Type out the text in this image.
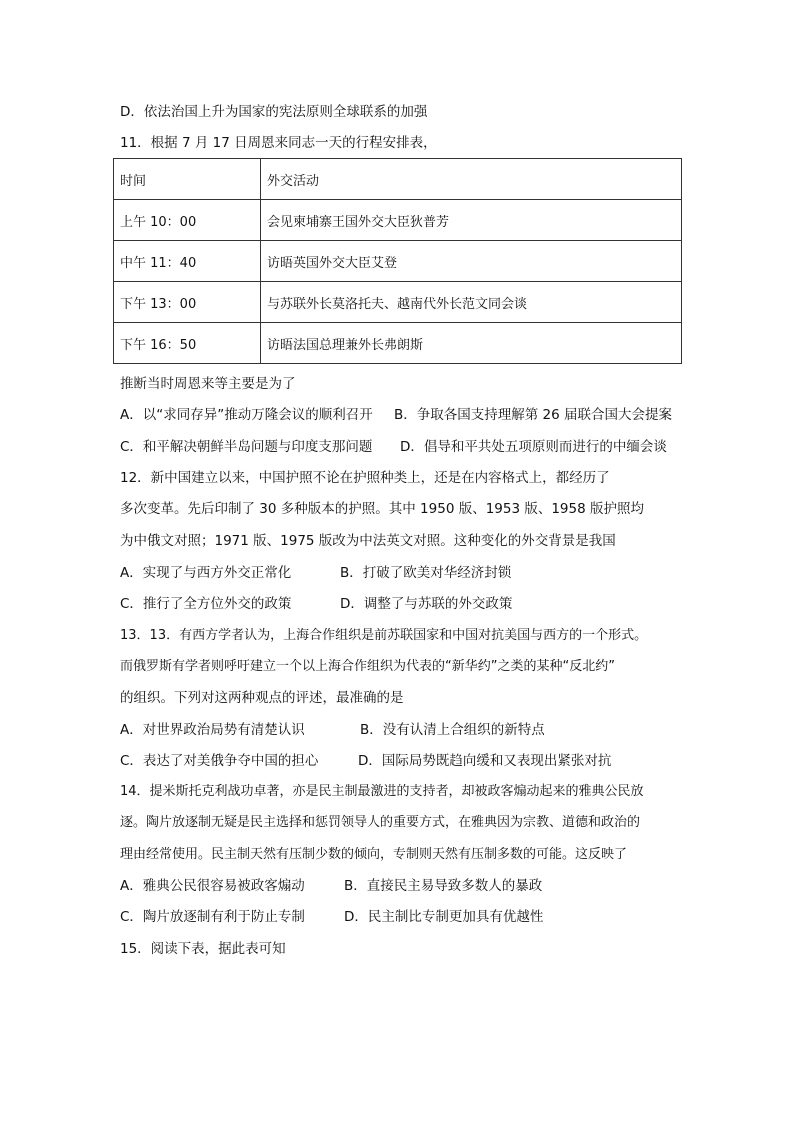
D．依法治国上升为国家的宪法原则全球联系的加强
11．根据 7 月 17 日周恩来同志一天的行程安排表，
时间	外交活动
上午 10：00	会见柬埔寨王国外交大臣狄普芳
中午 11：40	访晤英国外交大臣艾登
下午 13：00	与苏联外长莫洛托夫、越南代外长范文同会谈
下午 16：50	访晤法国总理兼外长弗朗斯
推断当时周恩来等主要是为了
A．以“求同存异”推动万隆会议的顺利召开 B．争取各国支持理解第 26 届联合国大会提案
C．和平解决朝鲜半岛问题与印度支那问题 D．倡导和平共处五项原则而进行的中缅会谈
12．新中国建立以来，中国护照不论在护照种类上，还是在内容格式上，都经历了
多次变革。先后印制了 30 多种版本的护照。其中 1950 版、1953 版、1958 版护照均
为中俄文对照；1971 版、1975 版改为中法英文对照。这种变化的外交背景是我国
A．实现了与西方外交正常化	B．打破了欧美对华经济封锁
C．推行了全方位外交的政策	D．调整了与苏联的外交政策
13．13．有西方学者认为，上海合作组织是前苏联国家和中国对抗美国与西方的一个形式。
而俄罗斯有学者则呼吁建立一个以上海合作组织为代表的“新华约”之类的某种“反北约”
的组织。下列对这两种观点的评述，最准确的是
A．对世界政治局势有清楚认识	B．没有认清上合组织的新特点
C．表达了对美俄争夺中国的担心	D．国际局势既趋向缓和又表现出紧张对抗
14．提米斯托克利战功卓著，亦是民主制最激进的支持者，却被政客煽动起来的雅典公民放
逐。陶片放逐制无疑是民主选择和惩罚领导人的重要方式，在雅典因为宗教、道德和政治的
理由经常使用。民主制天然有压制少数的倾向，专制则天然有压制多数的可能。这反映了
A．雅典公民很容易被政客煽动	B．直接民主易导致多数人的暴政
C．陶片放逐制有利于防止专制	D．民主制比专制更加具有优越性
15．阅读下表，据此表可知
